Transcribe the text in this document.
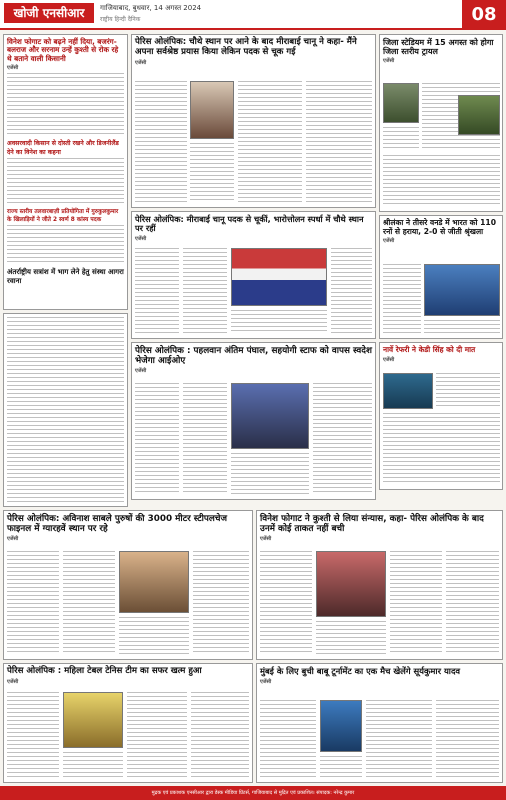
खोजी एनसीआर	गाजियाबाद, बुधवार, 14 अगस्त 2024
राष्ट्रीय हिन्दी दैनिक	08
विनेश फोगाट को बढ़ने नहीं दिया, बजरंग- बलराज और सरनाम उन्हें कुश्ती से रोक रहे थे बताने वाली किसानी
एजेंसी
अवसरवादी किसान से दोस्ती रखने और डिजनीलैंड देने का विनेश का कहना
राज्य स्तरीय तलवारबाज़ी प्रतियोगिता में गुरुकुलकुमार के खिलाड़ियों ने जीते 2 स्वर्ण 8 कांस्य पदक
अंतर्राष्ट्रीय सत्रांश में भाग लेने हेतु संस्था आगरा रवाना
पेरिस ओलंपिक: चौथे स्थान पर आने के बाद मीराबाई चानू ने कहा- मैंने अपना सर्वश्रेष्ठ प्रयास किया लेकिन पदक से चूक गई
एजेंसी
जिला स्टेडियम में 15 अगस्त को होगा जिला स्तरीय ट्रायल
एजेंसी
पेरिस ओलंपिक: मीराबाई चानू पदक से चूकीं, भारोत्तोलन स्पर्धा में चौथे स्थान पर रहीं
एजेंसी
श्रीलंका ने तीसरे वनडे में भारत को 110 रनों से हराया, 2-0 से जीती श्रृंखला
एजेंसी
नार्वे रेफरी ने केडी सिंह को दी मात
एजेंसी
पेरिस ओलंपिक : पहलवान अंतिम पंघाल, सहयोगी स्टाफ को वापस स्वदेश भेजेगा आईओए
एजेंसी
पेरिस ओलंपिक: अविनाश साबले पुरुषों की 3000 मीटर स्टीपलचेज फाइनल में ग्यारहवें स्थान पर रहे
एजेंसी
विनेश फोगाट ने कुश्ती से लिया संन्यास, कहा- पेरिस ओलंपिक के बाद उनमें कोई ताकत नहीं बची
एजेंसी
पेरिस ओलंपिक : महिला टेबल टेनिस टीम का सफर खत्म हुआ
एजेंसी
मुंबई के लिए बुची बाबू टूर्नामेंट का एक मैच खेलेंगे सूर्यकुमार यादव
एजेंसी
मुद्रक एवं प्रकाशक एनसीआर द्वारा डेस्क मीडिया प्रिंटर्स, गाजियाबाद से मुद्रित एवं प्रकाशित। संपादक: नरेन्द्र कुमार
